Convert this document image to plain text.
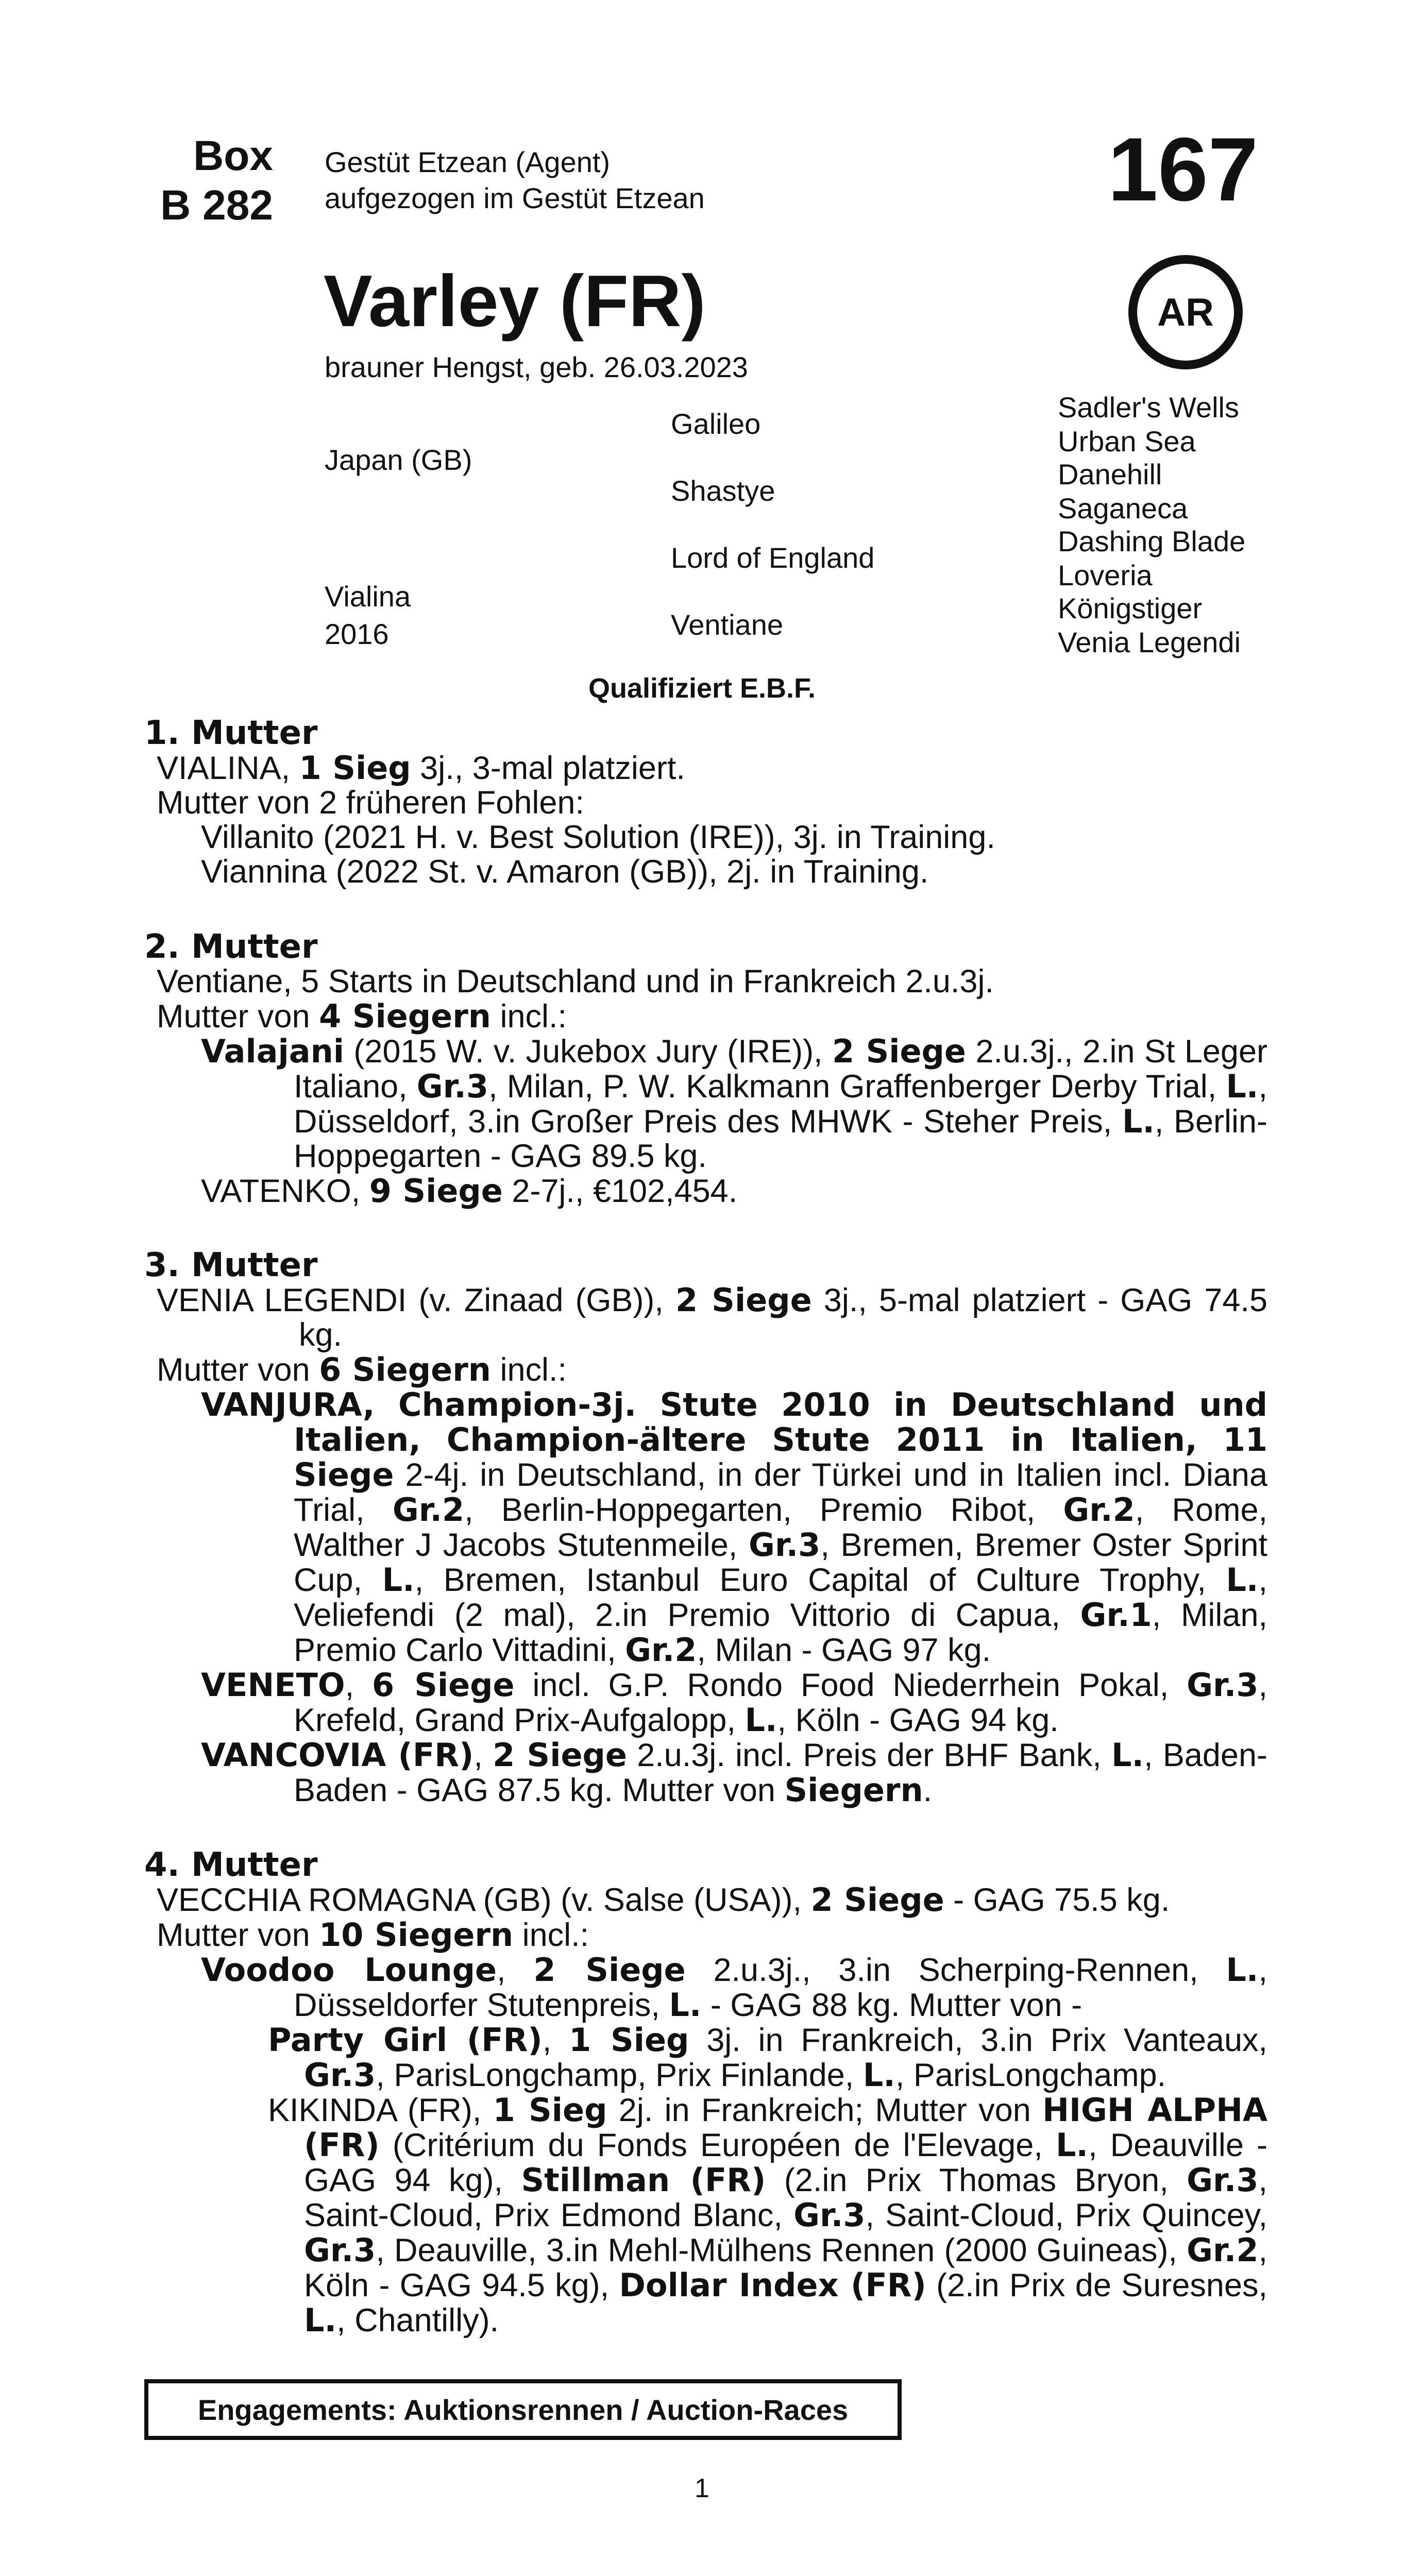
Box
B 282
Gestüt Etzean (Agent)
aufgezogen im Gestüt Etzean	167
Varley (FR)	AR
brauner Hengst, geb. 26.03.2023
Japan (GB)
Vialina
2016
Galileo
Shastye
Lord of England
Ventiane
Sadler's Wells
Urban Sea
Danehill
Saganeca
Dashing Blade
Loveria
Königstiger
Venia Legendi
Qualifiziert E.B.F.
1. Mutter
VIALINA, 1 Sieg 3j., 3-mal platziert.
Mutter von 2 früheren Fohlen:
Villanito (2021 H. v. Best Solution (IRE)), 3j. in Training.
Viannina (2022 St. v. Amaron (GB)), 2j. in Training.
2. Mutter
Ventiane, 5 Starts in Deutschland und in Frankreich 2.u.3j.
Mutter von 4 Siegern incl.:
Valajani (2015 W. v. Jukebox Jury (IRE)), 2 Siege 2.u.3j., 2.in St Leger Italiano, Gr.3, Milan, P. W. Kalkmann Graffenberger Derby Trial, L., Düsseldorf, 3.in Großer Preis des MHWK - Steher Preis, L., Berlin-Hoppegarten - GAG 89.5 kg.
VATENKO, 9 Siege 2-7j., €102,454.
3. Mutter
VENIA LEGENDI (v. Zinaad (GB)), 2 Siege 3j., 5-mal platziert - GAG 74.5 kg.
Mutter von 6 Siegern incl.:
VANJURA, Champion-3j. Stute 2010 in Deutschland und Italien, Champion-ältere Stute 2011 in Italien, 11 Siege 2-4j. in Deutschland, in der Türkei und in Italien incl. Diana Trial, Gr.2, Berlin-Hoppegarten, Premio Ribot, Gr.2, Rome, Walther J Jacobs Stutenmeile, Gr.3, Bremen, Bremer Oster Sprint Cup, L., Bremen, Istanbul Euro Capital of Culture Trophy, L., Veliefendi (2 mal), 2.in Premio Vittorio di Capua, Gr.1, Milan, Premio Carlo Vittadini, Gr.2, Milan - GAG 97 kg.
VENETO, 6 Siege incl. G.P. Rondo Food Niederrhein Pokal, Gr.3, Krefeld, Grand Prix-Aufgalopp, L., Köln - GAG 94 kg.
VANCOVIA (FR), 2 Siege 2.u.3j. incl. Preis der BHF Bank, L., Baden-Baden - GAG 87.5 kg. Mutter von Siegern.
4. Mutter
VECCHIA ROMAGNA (GB) (v. Salse (USA)), 2 Siege - GAG 75.5 kg.
Mutter von 10 Siegern incl.:
Voodoo Lounge, 2 Siege 2.u.3j., 3.in Scherping-Rennen, L., Düsseldorfer Stutenpreis, L. - GAG 88 kg. Mutter von -
Party Girl (FR), 1 Sieg 3j. in Frankreich, 3.in Prix Vanteaux, Gr.3, ParisLongchamp, Prix Finlande, L., ParisLongchamp.
KIKINDA (FR), 1 Sieg 2j. in Frankreich; Mutter von HIGH ALPHA (FR) (Critérium du Fonds Européen de l'Elevage, L., Deauville - GAG 94 kg), Stillman (FR) (2.in Prix Thomas Bryon, Gr.3, Saint-Cloud, Prix Edmond Blanc, Gr.3, Saint-Cloud, Prix Quincey, Gr.3, Deauville, 3.in Mehl-Mülhens Rennen (2000 Guineas), Gr.2, Köln - GAG 94.5 kg), Dollar Index (FR) (2.in Prix de Suresnes, L., Chantilly).
Engagements: Auktionsrennen / Auction-Races
1
